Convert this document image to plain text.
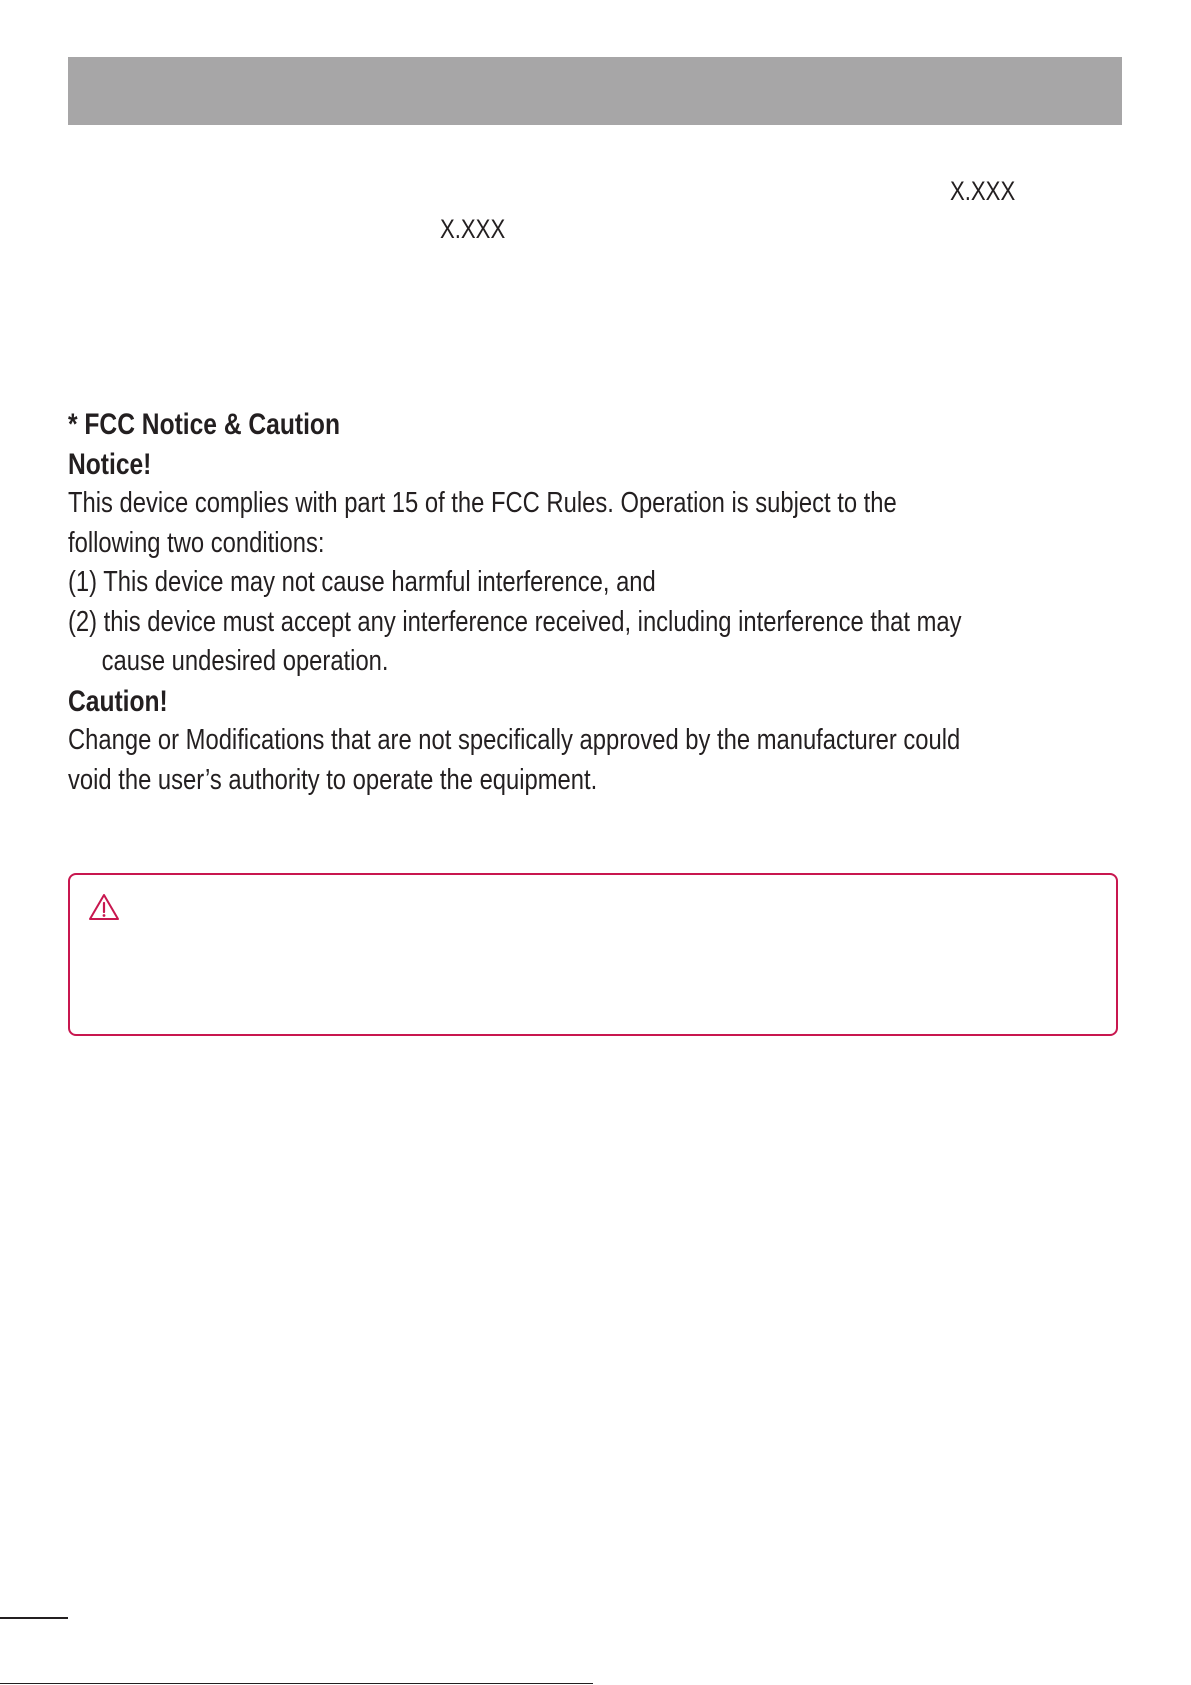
X.XXX
X.XXX

* FCC Notice & Caution

Notice!

This device complies with part 15 of the FCC Rules. Operation is subject to the following two conditions:

(1) This device may not cause harmful interference, and

(2) this device must accept any interference received, including interference that may cause undesired operation.

Caution!

Change or Modifications that are not specifically approved by the manufacturer could void the user’s authority to operate the equipment.
